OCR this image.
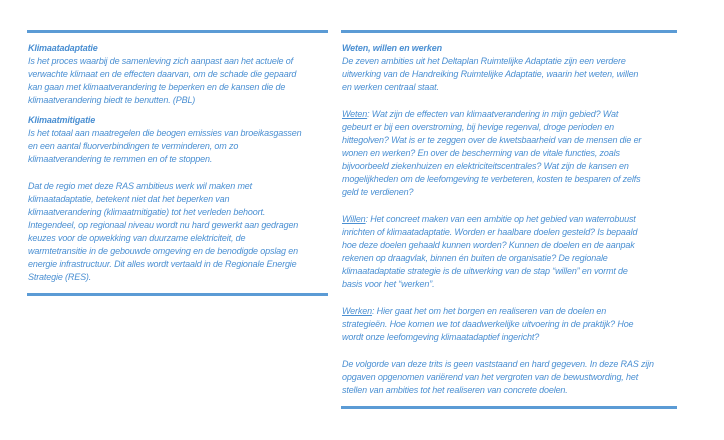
Klimaatadaptatie
Is het proces waarbij de samenleving zich aanpast aan het actuele of
verwachte klimaat en de effecten daarvan, om de schade die gepaard
kan gaan met klimaatverandering te beperken en de kansen die de
klimaatverandering biedt te benutten. (PBL)
Klimaatmitigatie
Is het totaal aan maatregelen die beogen emissies van broeikasgassen
en een aantal fluorverbindingen te verminderen, om zo
klimaatverandering te remmen en of te stoppen.
Dat de regio met deze RAS ambitieus werk wil maken met
klimaatadaptatie, betekent niet dat het beperken van
klimaatverandering (klimaatmitigatie) tot het verleden behoort.
Integendeel, op regionaal niveau wordt nu hard gewerkt aan gedragen
keuzes voor de opwekking van duurzame elektriciteit, de
warmtetransitie in de gebouwde omgeving en de benodigde opslag en
energie infrastructuur. Dit alles wordt vertaald in de Regionale Energie
Strategie (RES).
Weten, willen en werken
De zeven ambities uit het Deltaplan Ruimtelijke Adaptatie zijn een verdere
uitwerking van de Handreiking Ruimtelijke Adaptatie, waarin het weten, willen
en werken centraal staat.
Weten: Wat zijn de effecten van klimaatverandering in mijn gebied? Wat
gebeurt er bij een overstroming, bij hevige regenval, droge perioden en
hittegolven? Wat is er te zeggen over de kwetsbaarheid van de mensen die er
wonen en werken? En over de bescherming van de vitale functies, zoals
bijvoorbeeld ziekenhuizen en elektriciteitscentrales? Wat zijn de kansen en
mogelijkheden om de leefomgeving te verbeteren, kosten te besparen of zelfs
geld te verdienen?
Willen: Het concreet maken van een ambitie op het gebied van waterrobuust
inrichten of klimaatadaptatie. Worden er haalbare doelen gesteld? Is bepaald
hoe deze doelen gehaald kunnen worden? Kunnen de doelen en de aanpak
rekenen op draagvlak, binnen én buiten de organisatie? De regionale
klimaatadaptatie strategie is de uitwerking van de stap “willen” en vormt de
basis voor het “werken”.
Werken: Hier gaat het om het borgen en realiseren van de doelen en
strategieën. Hoe komen we tot daadwerkelijke uitvoering in de praktijk? Hoe
wordt onze leefomgeving klimaatadaptief ingericht?
De volgorde van deze trits is geen vaststaand en hard gegeven. In deze RAS zijn
opgaven opgenomen variërend van het vergroten van de bewustwording, het
stellen van ambities tot het realiseren van concrete doelen.
